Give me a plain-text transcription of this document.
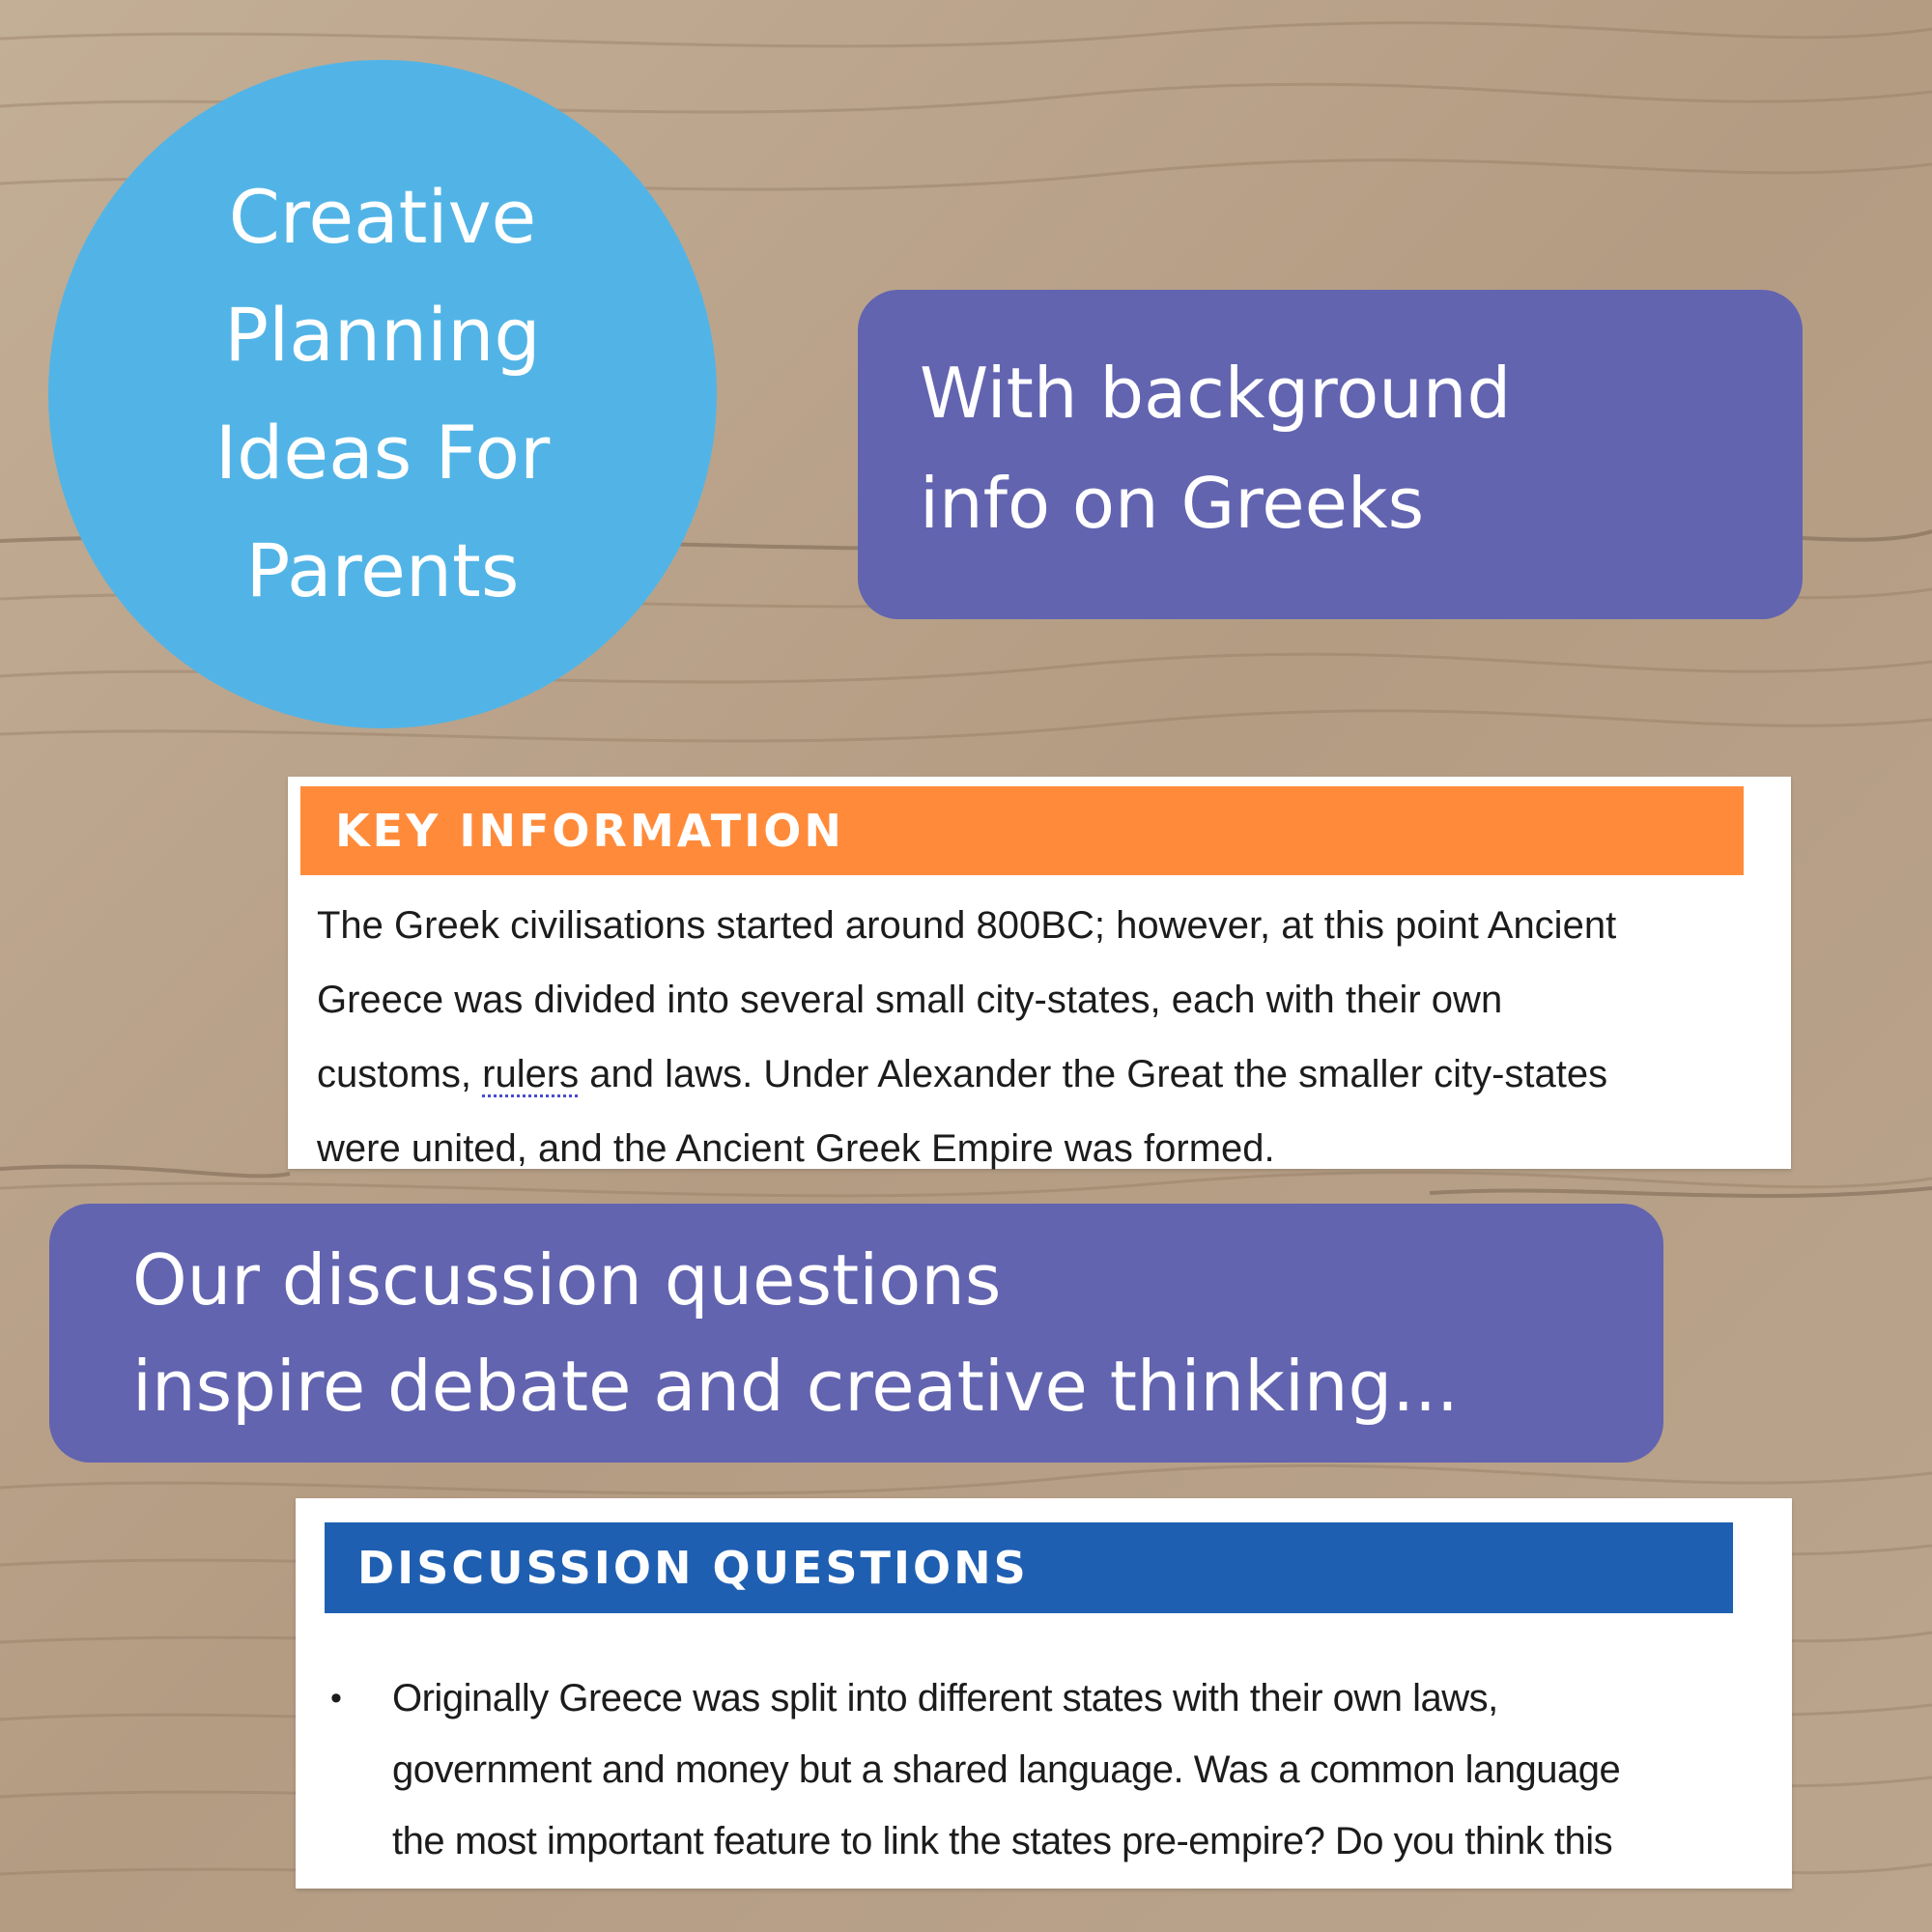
Creative
Planning
Ideas For
Parents
With background
info on Greeks
KEY INFORMATION
The Greek civilisations started around 800BC; however, at this point Ancient
Greece was divided into several small city-states, each with their own
customs, rulers and laws. Under Alexander the Great the smaller city-states
were united, and the Ancient Greek Empire was formed.
Our discussion questions
inspire debate and creative thinking...
DISCUSSION QUESTIONS
• Originally Greece was split into different states with their own laws,
government and money but a shared language. Was a common language
the most important feature to link the states pre-empire? Do you think this
